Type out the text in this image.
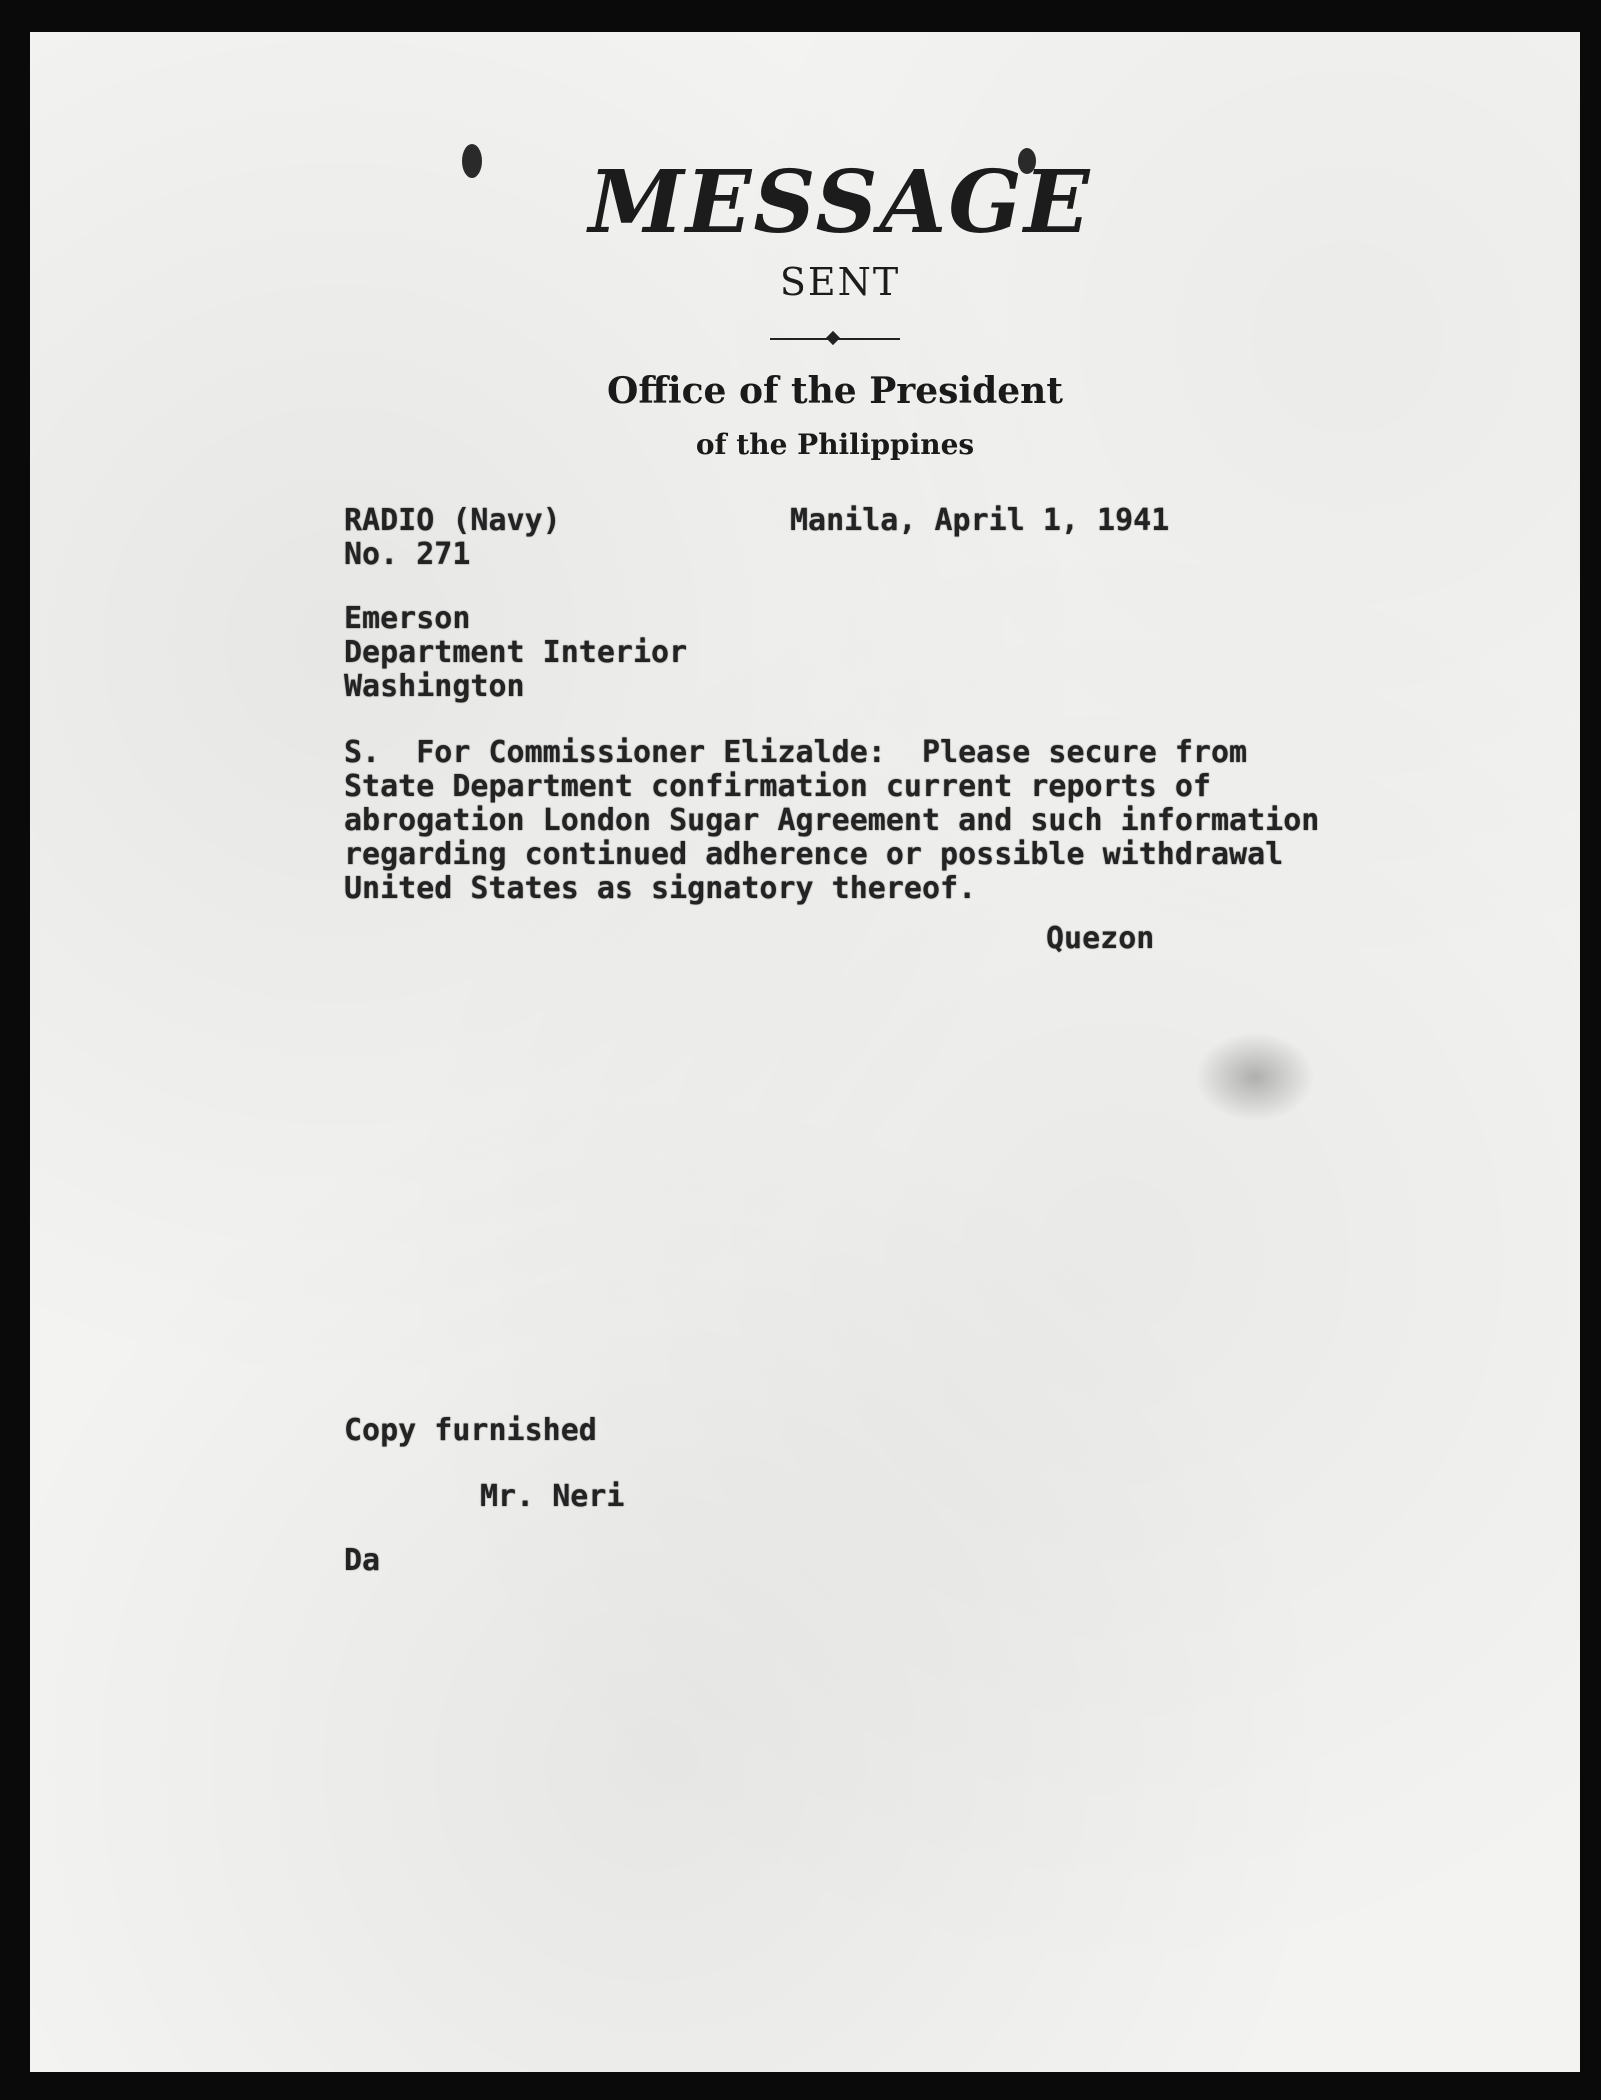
MESSAGE
SENT
Office of the President
of the Philippines
RADIO (Navy)
No. 271
Manila, April 1, 1941
Emerson
Department Interior
Washington
S.  For Commissioner Elizalde:  Please secure from
State Department confirmation current reports of
abrogation London Sugar Agreement and such information
regarding continued adherence or possible withdrawal
United States as signatory thereof.
Quezon
Copy furnished
Mr. Neri
Da
